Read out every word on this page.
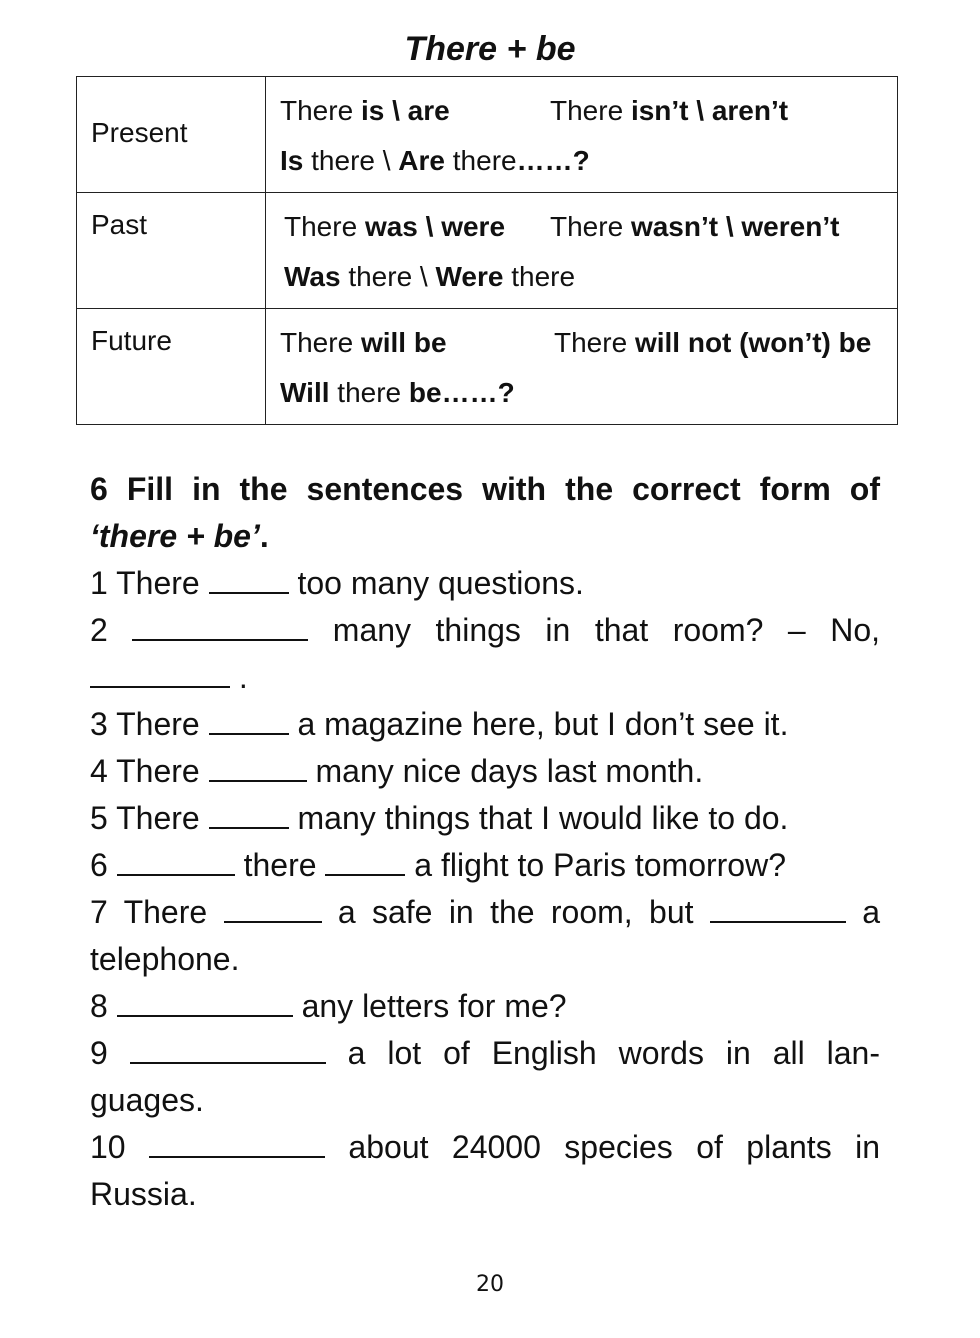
There + be
Present	There is \ are There isn’t \ aren’t
Is there \ Are there……?

Past	There was \ were There wasn’t \ weren’t
Was there \ Were there

Future	There will be There will not (won’t) be
Will there be……?
6 Fill in the sentences with the correct form of
‘there + be’.
1 There	too many questions.
2	many things in that room? – No,
.
3 There	a magazine here, but I don’t see it.
4 There	many nice days last month.
5 There	many things that I would like to do.
6	there	a flight to Paris tomorrow?
7 There	a safe in the room, but	a
telephone.
8	any letters for me?
9	a lot of English words in all lan-
guages.
10	about 24000 species of plants in
Russia.
20
